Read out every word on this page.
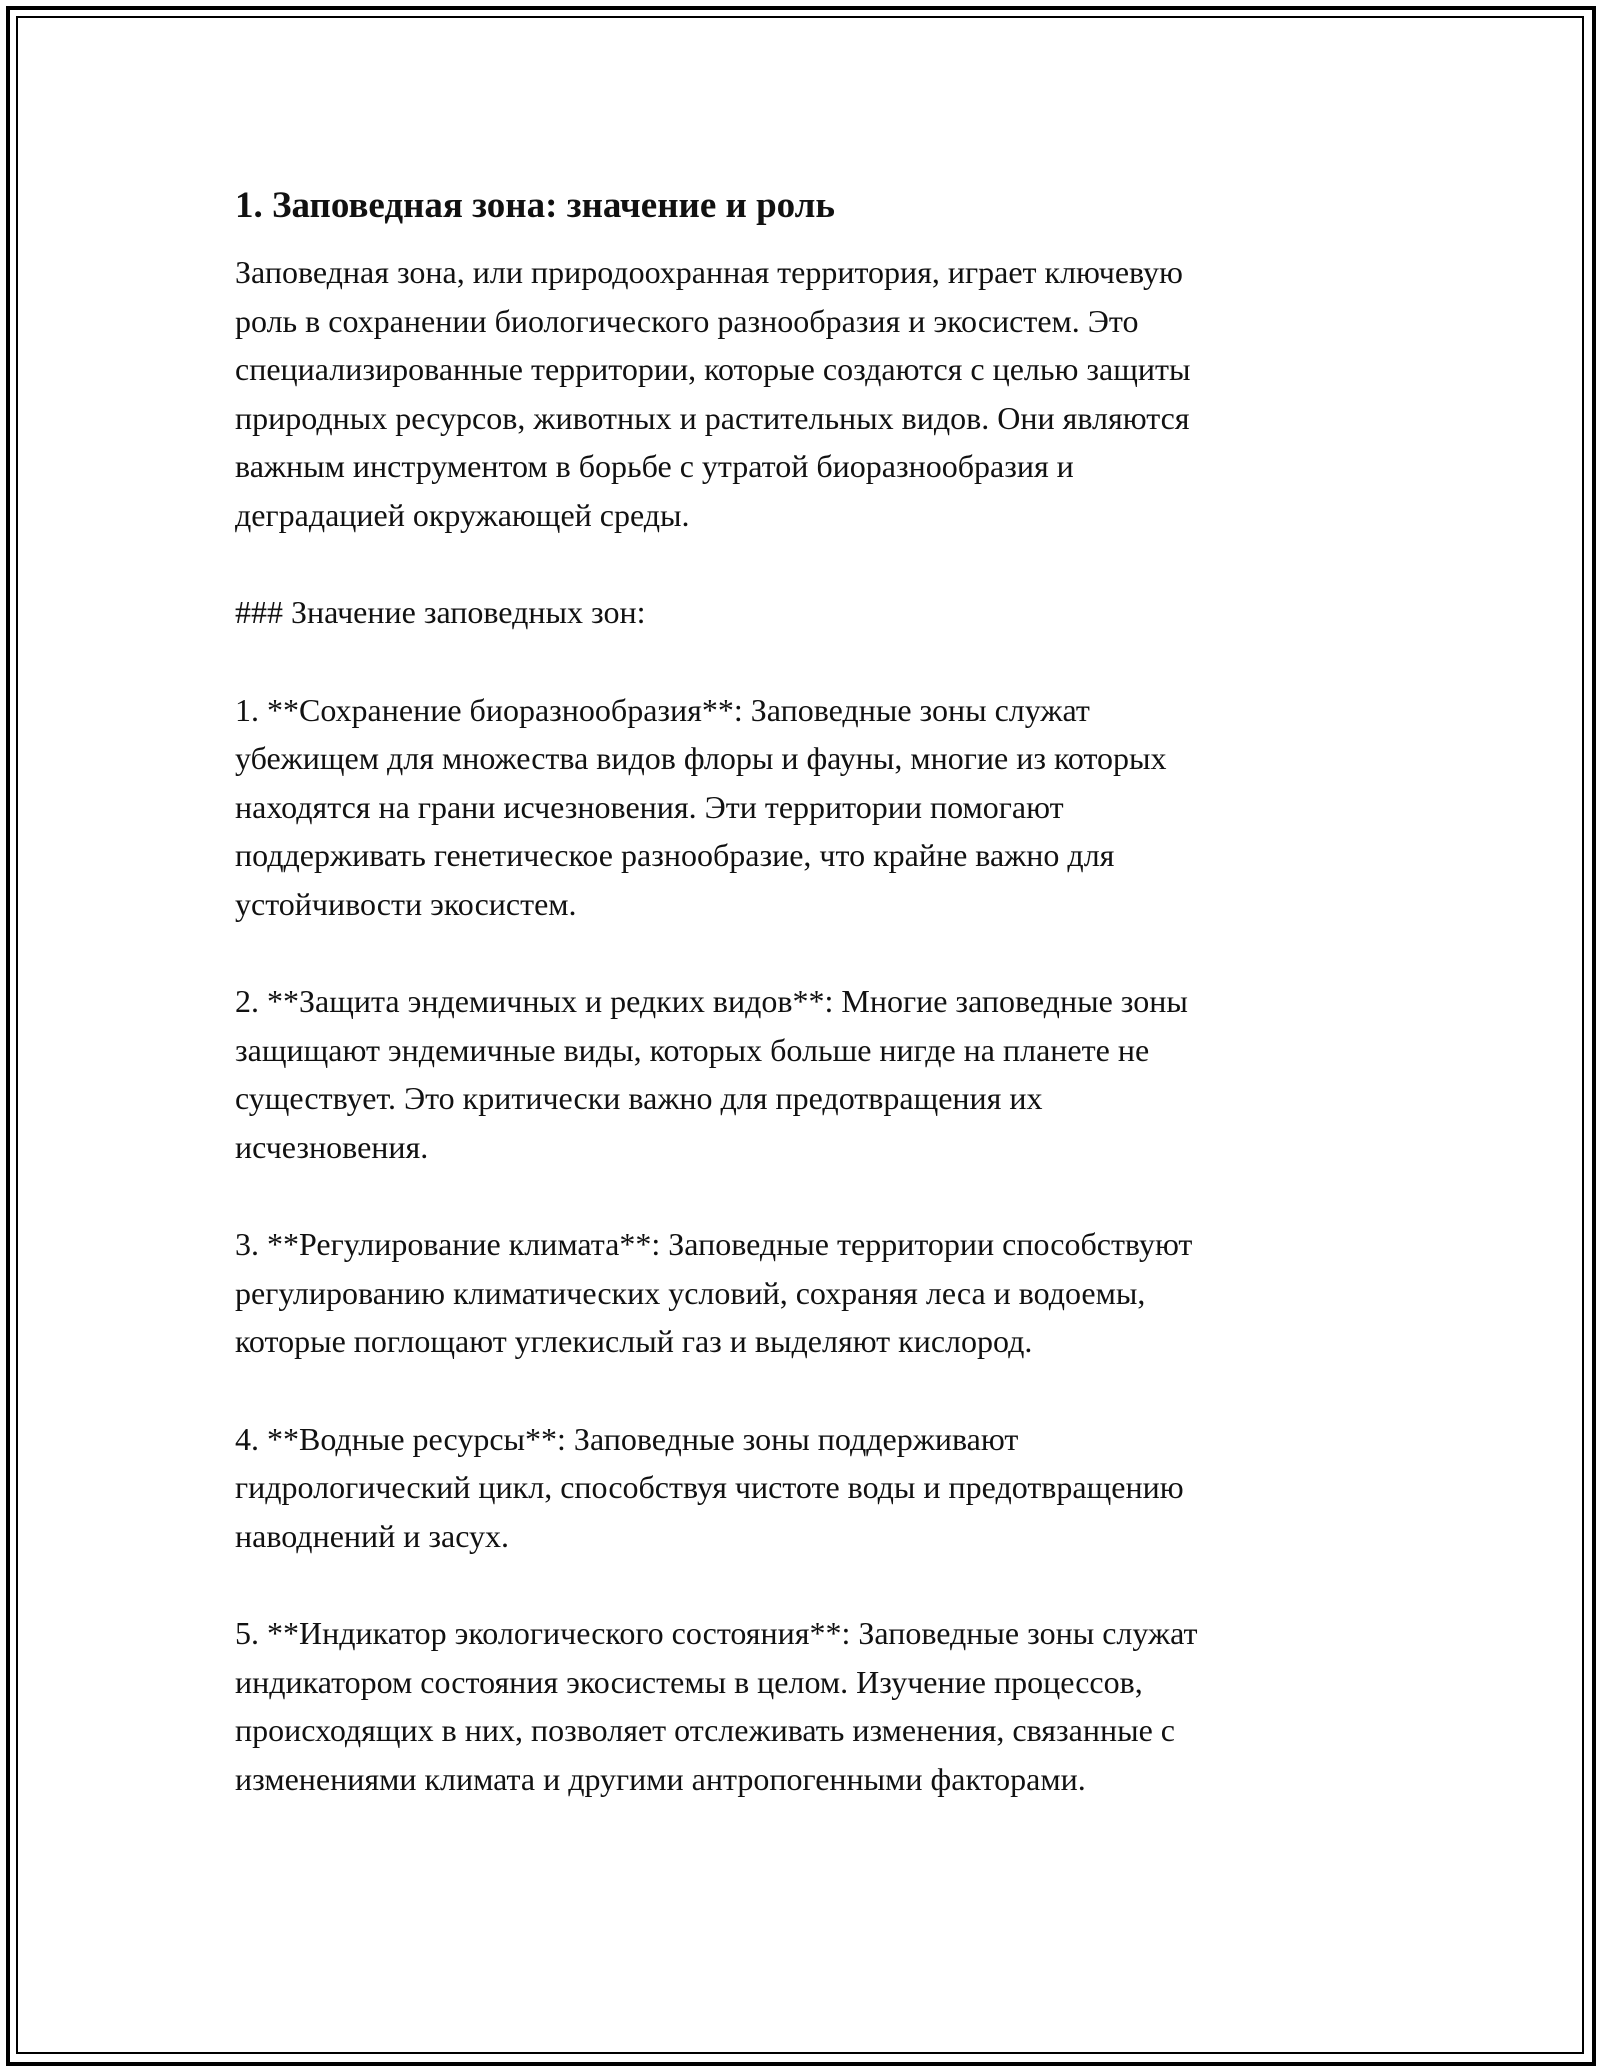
1. Заповедная зона: значение и роль

Заповедная зона, или природоохранная территория, играет ключевую
роль в сохранении биологического разнообразия и экосистем. Это
специализированные территории, которые создаются с целью защиты
природных ресурсов, животных и растительных видов. Они являются
важным инструментом в борьбе с утратой биоразнообразия и
деградацией окружающей среды.

### Значение заповедных зон:

1. **Сохранение биоразнообразия**: Заповедные зоны служат
убежищем для множества видов флоры и фауны, многие из которых
находятся на грани исчезновения. Эти территории помогают
поддерживать генетическое разнообразие, что крайне важно для
устойчивости экосистем.

2. **Защита эндемичных и редких видов**: Многие заповедные зоны
защищают эндемичные виды, которых больше нигде на планете не
существует. Это критически важно для предотвращения их
исчезновения.

3. **Регулирование климата**: Заповедные территории способствуют
регулированию климатических условий, сохраняя леса и водоемы,
которые поглощают углекислый газ и выделяют кислород.

4. **Водные ресурсы**: Заповедные зоны поддерживают
гидрологический цикл, способствуя чистоте воды и предотвращению
наводнений и засух.

5. **Индикатор экологического состояния**: Заповедные зоны служат
индикатором состояния экосистемы в целом. Изучение процессов,
происходящих в них, позволяет отслеживать изменения, связанные с
изменениями климата и другими антропогенными факторами.
